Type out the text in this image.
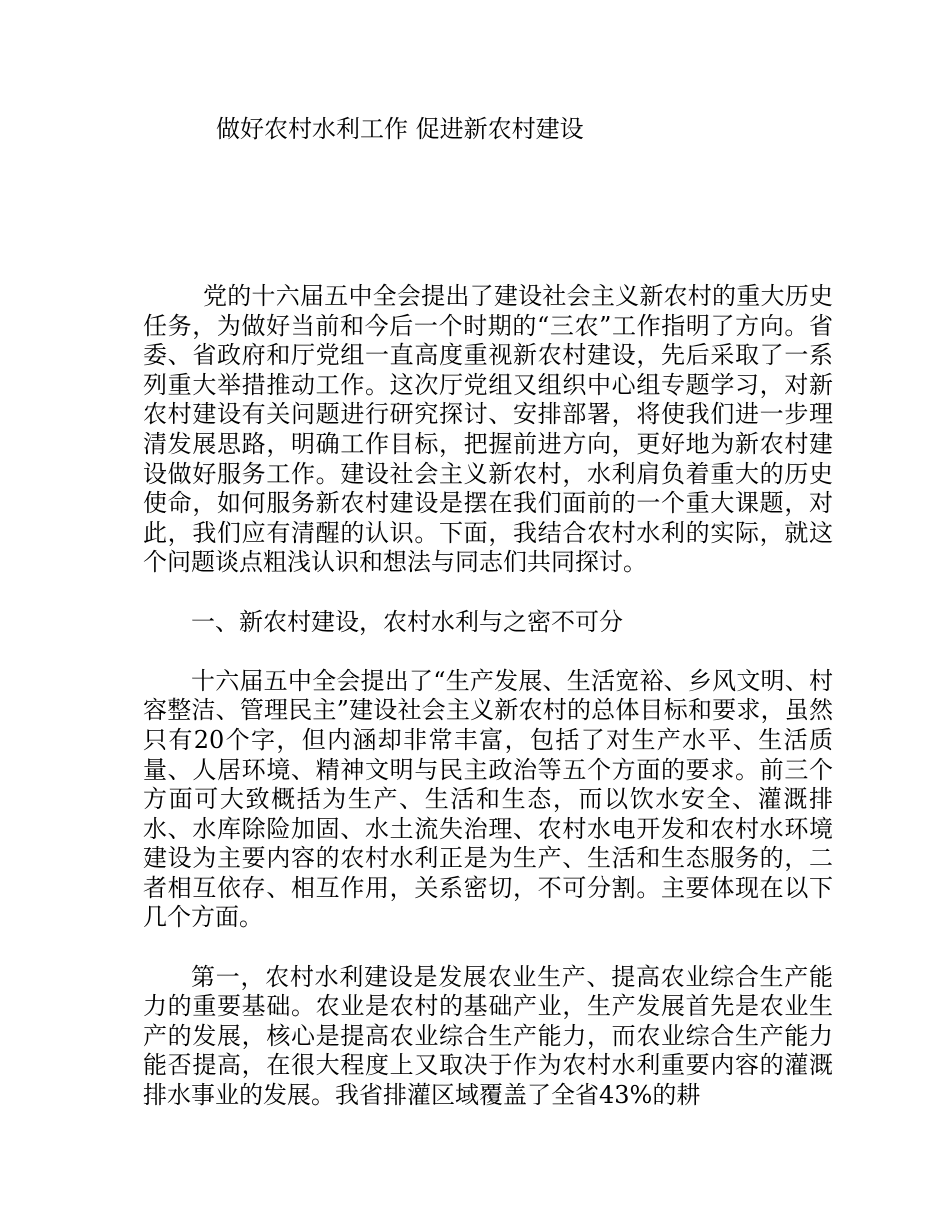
做好农村水利工作 促进新农村建设

党的十六届五中全会提出了建设社会主义新农村的重大历史任务，为做好当前和今后一个时期的“三农”工作指明了方向。省委、省政府和厅党组一直高度重视新农村建设，先后采取了一系列重大举措推动工作。这次厅党组又组织中心组专题学习，对新农村建设有关问题进行研究探讨、安排部署，将使我们进一步理清发展思路，明确工作目标，把握前进方向，更好地为新农村建设做好服务工作。建设社会主义新农村，水利肩负着重大的历史使命，如何服务新农村建设是摆在我们面前的一个重大课题，对此，我们应有清醒的认识。下面，我结合农村水利的实际，就这个问题谈点粗浅认识和想法与同志们共同探讨。

一、新农村建设，农村水利与之密不可分

十六届五中全会提出了“生产发展、生活宽裕、乡风文明、村容整洁、管理民主”建设社会主义新农村的总体目标和要求，虽然只有20个字，但内涵却非常丰富，包括了对生产水平、生活质量、人居环境、精神文明与民主政治等五个方面的要求。前三个方面可大致概括为生产、生活和生态，而以饮水安全、灌溉排水、水库除险加固、水土流失治理、农村水电开发和农村水环境建设为主要内容的农村水利正是为生产、生活和生态服务的，二者相互依存、相互作用，关系密切，不可分割。主要体现在以下几个方面。

第一，农村水利建设是发展农业生产、提高农业综合生产能力的重要基础。农业是农村的基础产业，生产发展首先是农业生产的发展，核心是提高农业综合生产能力，而农业综合生产能力能否提高，在很大程度上又取决于作为农村水利重要内容的灌溉排水事业的发展。我省排灌区域覆盖了全省43%的耕
